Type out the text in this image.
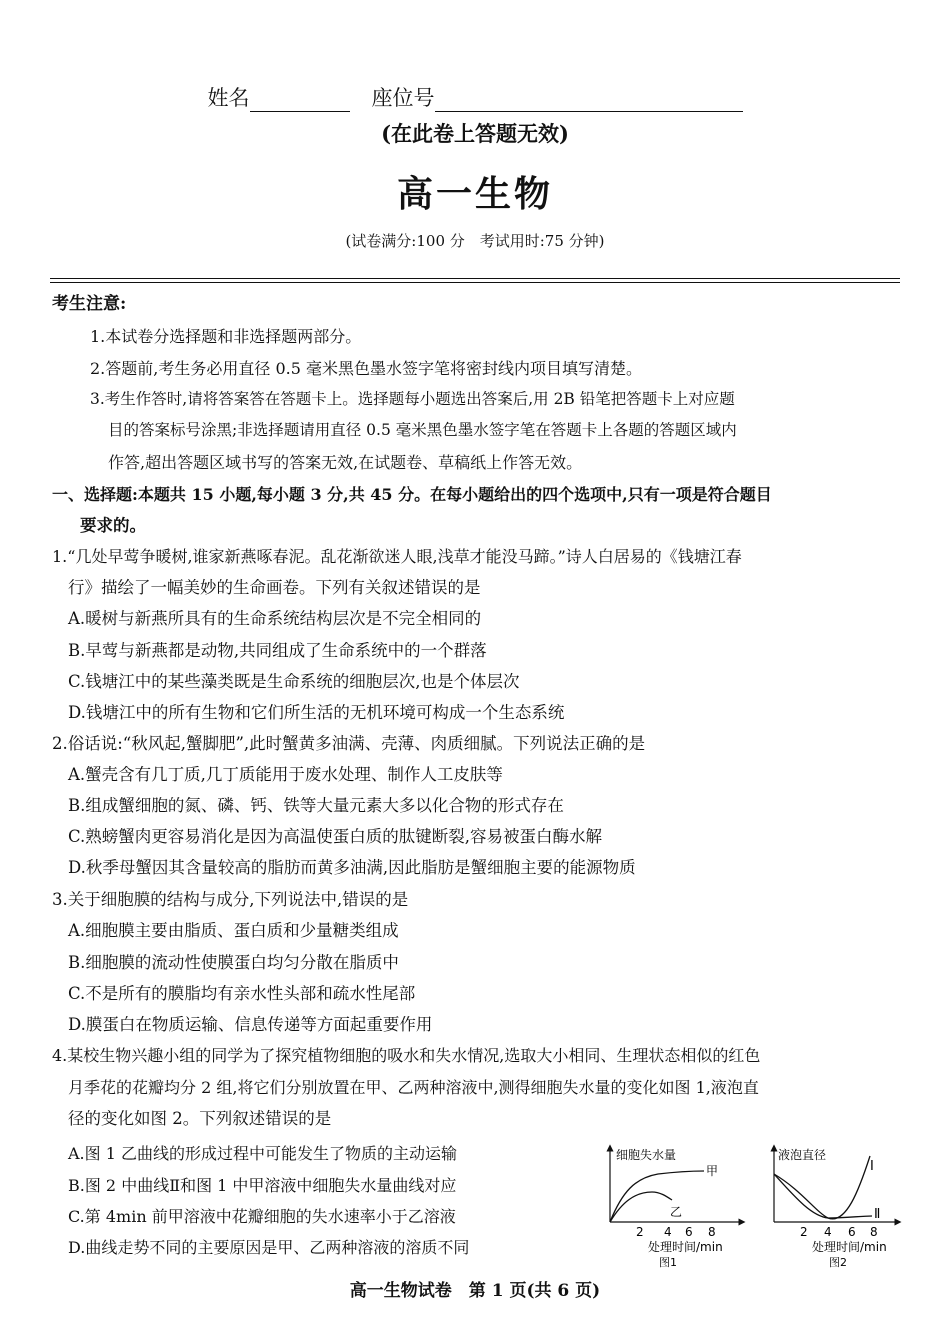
姓名	座位号
(在此卷上答题无效)
高一生物
(试卷满分:100 分　考试用时:75 分钟)
考生注意:
1.本试卷分选择题和非选择题两部分。
2.答题前,考生务必用直径 0.5 毫米黑色墨水签字笔将密封线内项目填写清楚。
3.考生作答时,请将答案答在答题卡上。选择题每小题选出答案后,用 2B 铅笔把答题卡上对应题
目的答案标号涂黑;非选择题请用直径 0.5 毫米黑色墨水签字笔在答题卡上各题的答题区域内
作答,超出答题区域书写的答案无效,在试题卷、草稿纸上作答无效。
一、选择题:本题共 15 小题,每小题 3 分,共 45 分。在每小题给出的四个选项中,只有一项是符合题目
要求的。
1.“几处早莺争暖树,谁家新燕啄春泥。乱花渐欲迷人眼,浅草才能没马蹄。”诗人白居易的《钱塘江春
行》描绘了一幅美妙的生命画卷。下列有关叙述错误的是
A.暖树与新燕所具有的生命系统结构层次是不完全相同的
B.早莺与新燕都是动物,共同组成了生命系统中的一个群落
C.钱塘江中的某些藻类既是生命系统的细胞层次,也是个体层次
D.钱塘江中的所有生物和它们所生活的无机环境可构成一个生态系统
2.俗话说:“秋风起,蟹脚肥”,此时蟹黄多油满、壳薄、肉质细腻。下列说法正确的是
A.蟹壳含有几丁质,几丁质能用于废水处理、制作人工皮肤等
B.组成蟹细胞的氮、磷、钙、铁等大量元素大多以化合物的形式存在
C.熟螃蟹肉更容易消化是因为高温使蛋白质的肽键断裂,容易被蛋白酶水解
D.秋季母蟹因其含量较高的脂肪而黄多油满,因此脂肪是蟹细胞主要的能源物质
3.关于细胞膜的结构与成分,下列说法中,错误的是
A.细胞膜主要由脂质、蛋白质和少量糖类组成
B.细胞膜的流动性使膜蛋白均匀分散在脂质中
C.不是所有的膜脂均有亲水性头部和疏水性尾部
D.膜蛋白在物质运输、信息传递等方面起重要作用
4.某校生物兴趣小组的同学为了探究植物细胞的吸水和失水情况,选取大小相同、生理状态相似的红色
月季花的花瓣均分 2 组,将它们分别放置在甲、乙两种溶液中,测得细胞失水量的变化如图 1,液泡直
径的变化如图 2。下列叙述错误的是
A.图 1 乙曲线的形成过程中可能发生了物质的主动运输
B.图 2 中曲线Ⅱ和图 1 中甲溶液中细胞失水量曲线对应
C.第 4min 前甲溶液中花瓣细胞的失水速率小于乙溶液
D.曲线走势不同的主要原因是甲、乙两种溶液的溶质不同
细胞失水量
甲
乙
2 4 6 8
处理时间/min
图1
液泡直径
Ⅰ
Ⅱ
2 4 6 8
处理时间/min
图2
高一生物试卷　第 1 页(共 6 页)
